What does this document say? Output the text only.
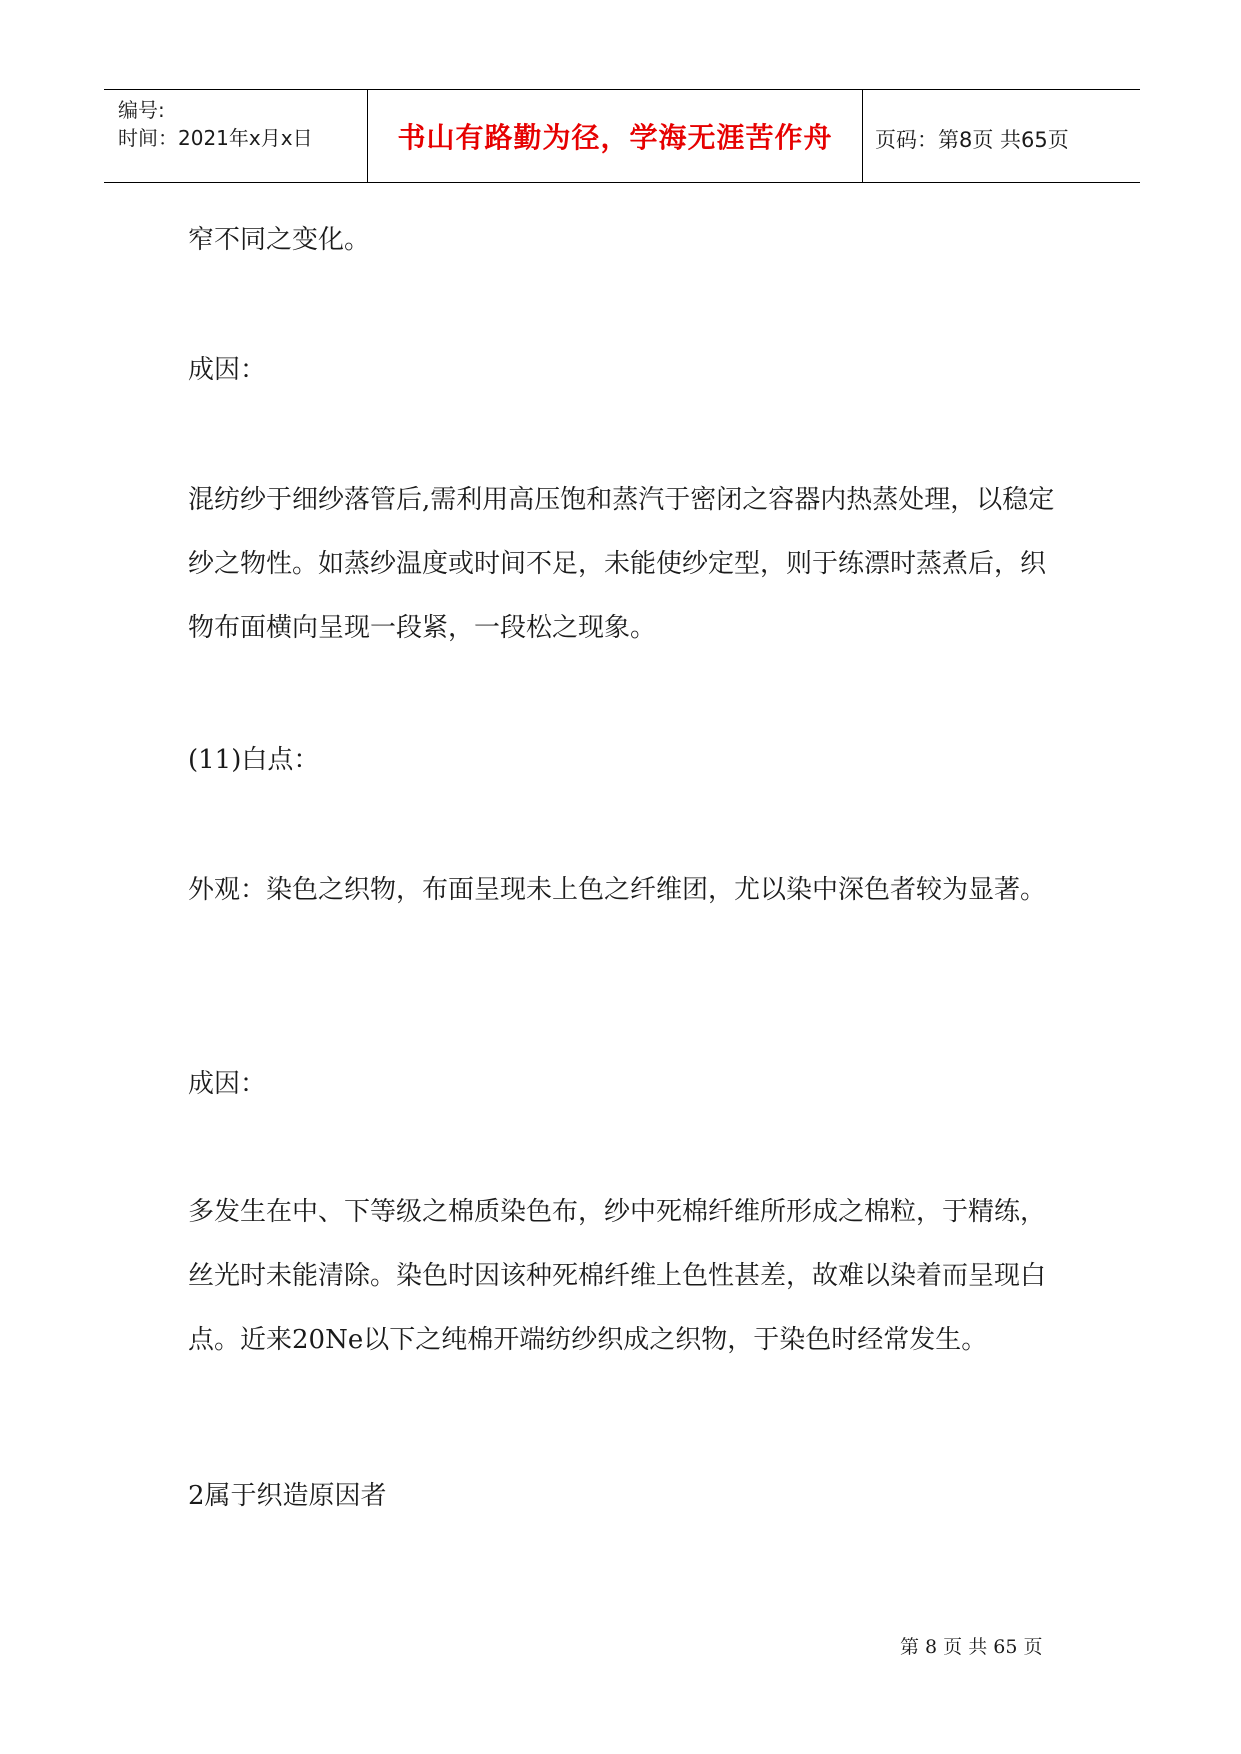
编号:
时间：2021年x月x日	书山有路勤为径，学海无涯苦作舟	页码：第8页 共65页

窄不同之变化。

成因：

混纺纱于细纱落管后,需利用高压饱和蒸汽于密闭之容器内热蒸处理，以稳定纱之物性。如蒸纱温度或时间不足，未能使纱定型，则于练漂时蒸煮后，织物布面横向呈现一段紧，一段松之现象。

(11)白点：

外观：染色之织物，布面呈现未上色之纤维团，尤以染中深色者较为显著。

成因：

多发生在中、下等级之棉质染色布，纱中死棉纤维所形成之棉粒，于精练，丝光时未能清除。染色时因该种死棉纤维上色性甚差，故难以染着而呈现白点。近来20Ne以下之纯棉开端纺纱织成之织物，于染色时经常发生。

2属于织造原因者

第 8 页 共 65 页
